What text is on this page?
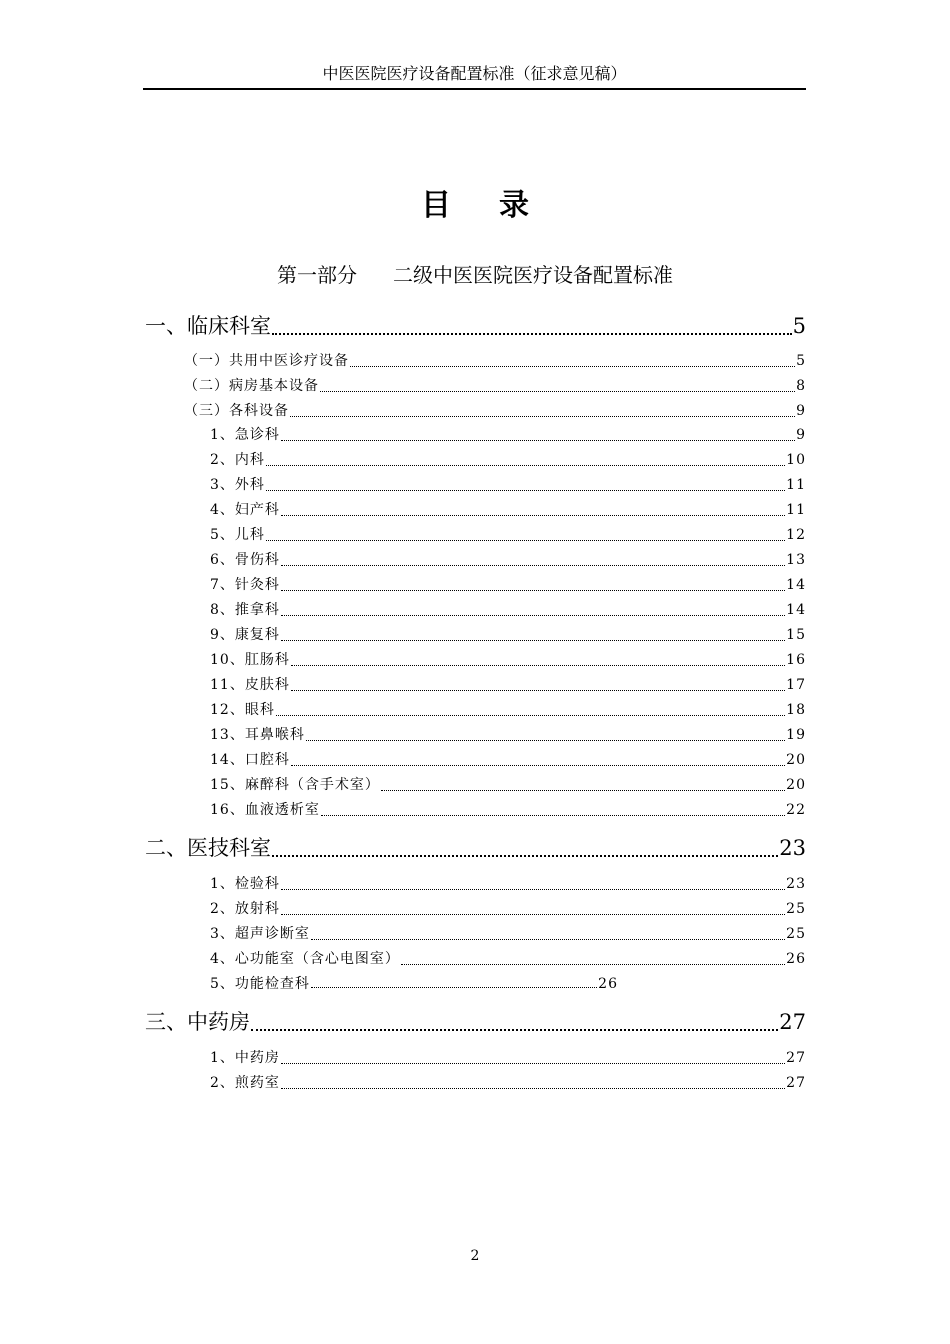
中医医院医疗设备配置标准（征求意见稿）
目 录
第一部分 二级中医医院医疗设备配置标准
一、临床科室	5
（一）共用中医诊疗设备	5
（二）病房基本设备	8
（三）各科设备	9
1、急诊科	9
2、内科	10
3、外科	11
4、妇产科	11
5、儿科	12
6、骨伤科	13
7、针灸科	14
8、推拿科	14
9、康复科	15
10、肛肠科	16
11、皮肤科	17
12、眼科	18
13、耳鼻喉科	19
14、口腔科	20
15、麻醉科（含手术室）	20
16、血液透析室	22
二、医技科室	23
1、检验科	23
2、放射科	25
3、超声诊断室	25
4、心功能室（含心电图室）	26
5、功能检查科	26
三、中药房	27
1、中药房	27
2、煎药室	27
2
